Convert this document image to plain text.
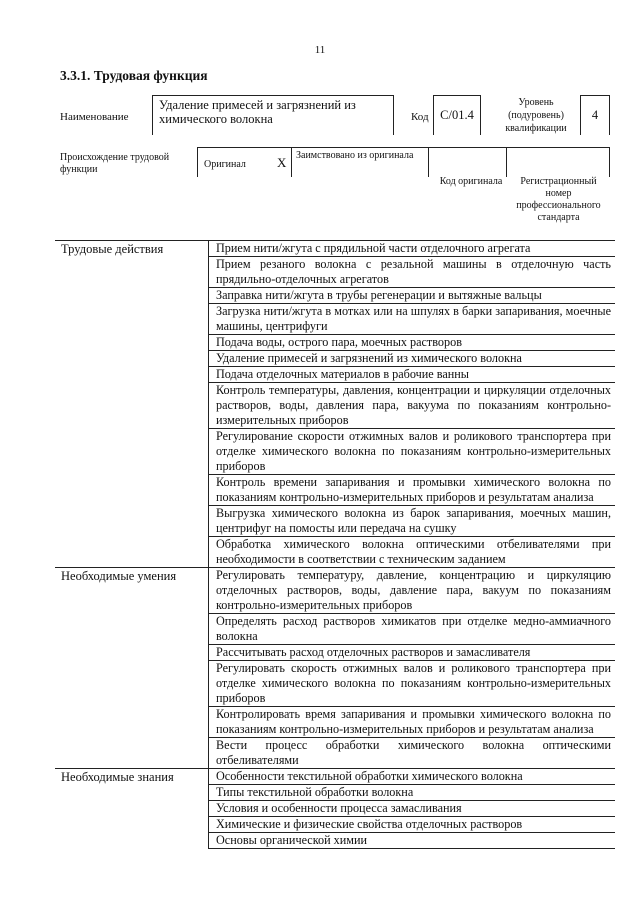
11
3.3.1. Трудовая функция
Наименование
Удаление примесей и загрязнений из химического волокна	Код С/01.4
Уровень (подуровень) квалификации
4
Происхождение трудовой функции	Оригинал X Заимствовано из оригинала
Код оригинала	Регистрационный номер профессионального стандарта
Трудовые действия	Прием нити/жгута с прядильной части отделочного агрегата
	Прием резаного волокна с резальной машины в отделочную часть прядильно-отделочных агрегатов
	Заправка нити/жгута в трубы регенерации и вытяжные вальцы
	Загрузка нити/жгута в мотках или на шпулях в барки запаривания, моечные машины, центрифуги
	Подача воды, острого пара, моечных растворов
	Удаление примесей и загрязнений из химического волокна
	Подача отделочных материалов в рабочие ванны
	Контроль температуры, давления, концентрации и циркуляции отделочных растворов, воды, давления пара, вакуума по показаниям контрольно-измерительных приборов
	Регулирование скорости отжимных валов и роликового транспортера при отделке химического волокна по показаниям контрольно-измерительных приборов
	Контроль времени запаривания и промывки химического волокна по показаниям контрольно-измерительных приборов и результатам анализа
	Выгрузка химического волокна из барок запаривания, моечных машин, центрифуг на помосты или передача на сушку
	Обработка химического волокна оптическими отбеливателями при необходимости в соответствии с техническим заданием
Необходимые умения	Регулировать температуру, давление, концентрацию и циркуляцию отделочных растворов, воды, давление пара, вакуум по показаниям контрольно-измерительных приборов
	Определять расход растворов химикатов при отделке медно-аммиачного волокна
	Рассчитывать расход отделочных растворов и замасливателя
	Регулировать скорость отжимных валов и роликового транспортера при отделке химического волокна по показаниям контрольно-измерительных приборов
	Контролировать время запаривания и промывки химического волокна по показаниям контрольно-измерительных приборов и результатам анализа
	Вести процесс обработки химического волокна оптическими отбеливателями
Необходимые знания	Особенности текстильной обработки химического волокна
	Типы текстильной обработки волокна
	Условия и особенности процесса замасливания
	Химические и физические свойства отделочных растворов
	Основы органической химии
